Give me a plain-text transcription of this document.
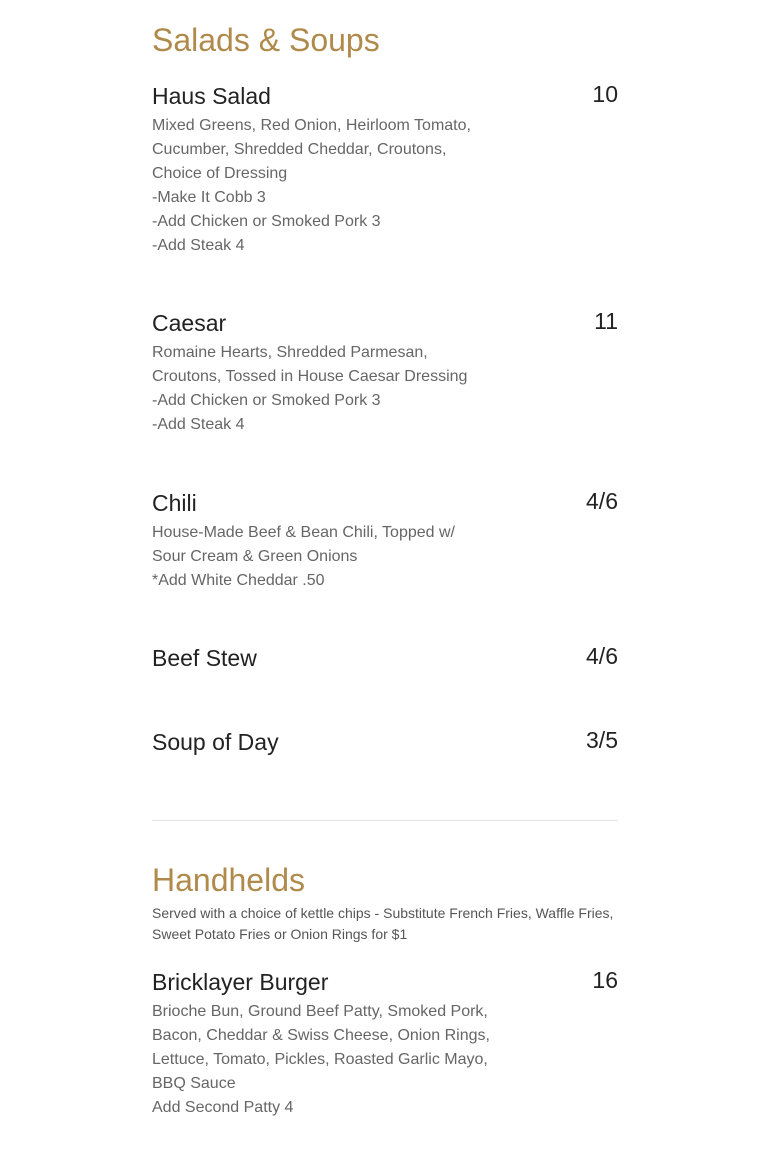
Salads & Soups
Haus Salad	10

Mixed Greens, Red Onion, Heirloom Tomato, Cucumber, Shredded Cheddar, Croutons, Choice of Dressing
-Make It Cobb 3
-Add Chicken or Smoked Pork 3
-Add Steak 4

Caesar	11

Romaine Hearts, Shredded Parmesan, Croutons, Tossed in House Caesar Dressing
-Add Chicken or Smoked Pork 3
-Add Steak 4

Chili	4/6

House-Made Beef & Bean Chili, Topped w/ Sour Cream & Green Onions
*Add White Cheddar .50

Beef Stew	4/6
Soup of Day	3/5
Handhelds

Served with a choice of kettle chips - Substitute French Fries, Waffle Fries, Sweet Potato Fries or Onion Rings for $1

Bricklayer Burger	16

Brioche Bun, Ground Beef Patty, Smoked Pork, Bacon, Cheddar & Swiss Cheese, Onion Rings, Lettuce, Tomato, Pickles, Roasted Garlic Mayo, BBQ Sauce
Add Second Patty 4
